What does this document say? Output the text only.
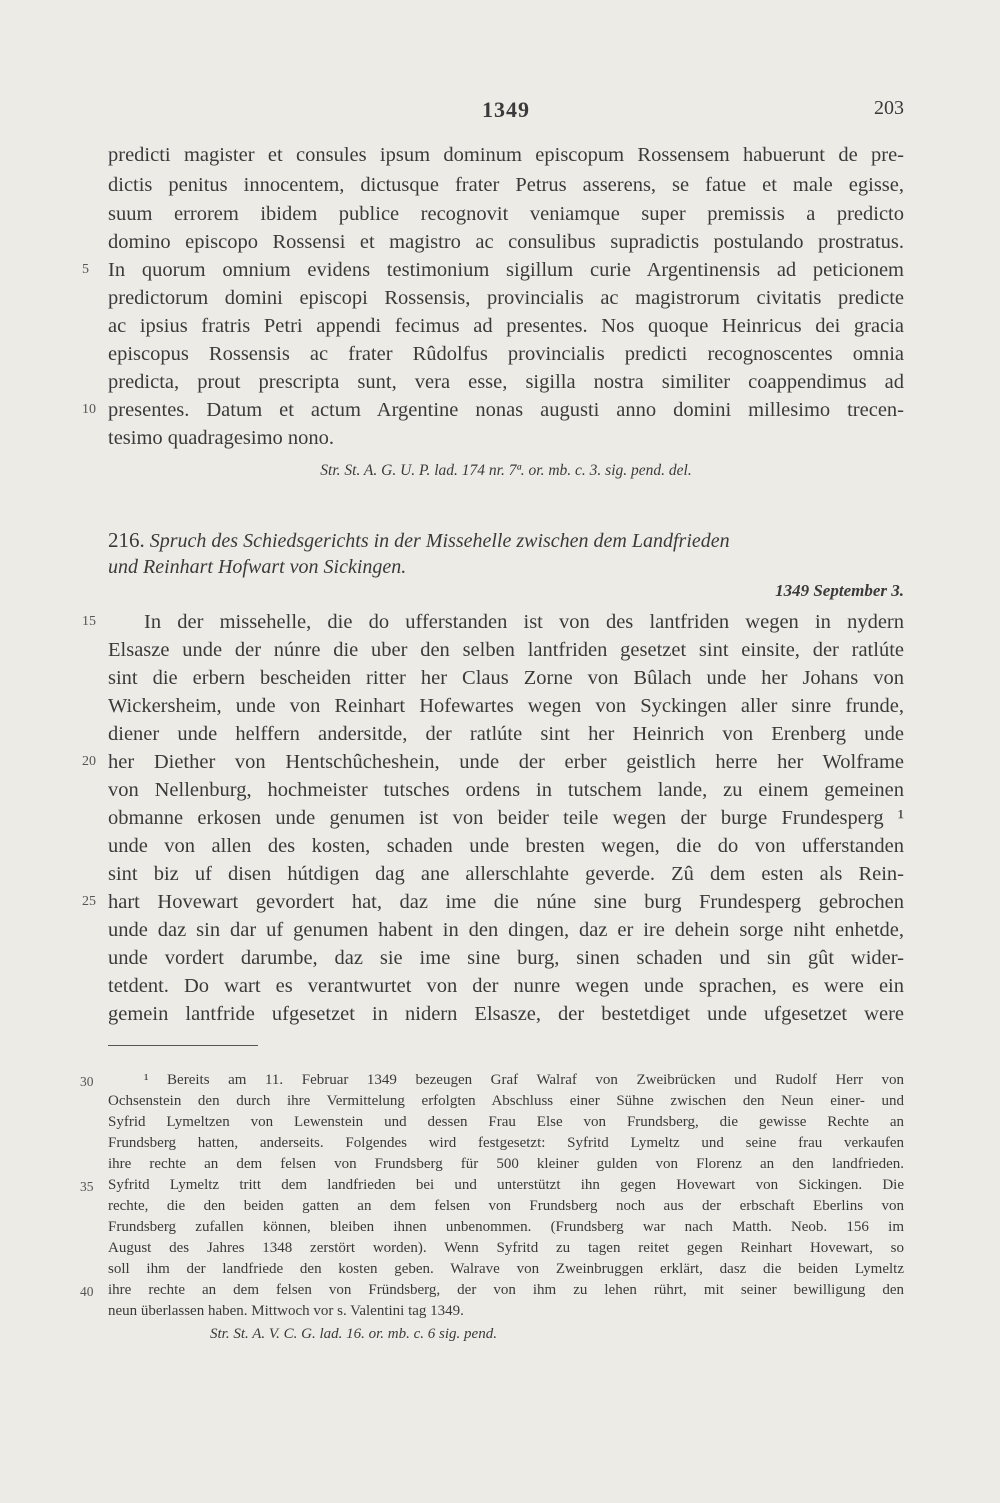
1349	203
predicti magister et consules ipsum dominum episcopum Rossensem habuerunt de pre-
dictis penitus innocentem, dictusque frater Petrus asserens, se fatue et male egisse,
suum errorem ibidem publice recognovit veniamque super premissis a predicto
domino episcopo Rossensi et magistro ac consulibus supradictis postulando prostratus.
In quorum omnium evidens testimonium sigillum curie Argentinensis ad peticionem
predictorum domini episcopi Rossensis, provincialis ac magistrorum civitatis predicte
ac ipsius fratris Petri appendi fecimus ad presentes. Nos quoque Heinricus dei gracia
episcopus Rossensis ac frater Rûdolfus provincialis predicti recognoscentes omnia
predicta, prout prescripta sunt, vera esse, sigilla nostra similiter coappendimus ad
presentes. Datum et actum Argentine nonas augusti anno domini millesimo trecen-
tesimo quadragesimo nono.
5
10
Str. St. A. G. U. P. lad. 174 nr. 7ª. or. mb. c. 3. sig. pend. del.
216. Spruch des Schiedsgerichts in der Missehelle zwischen dem Landfrieden
und Reinhart Hofwart von Sickingen.
1349 September 3.
In der missehelle, die do ufferstanden ist von des lantfriden wegen in nydern
Elsasze unde der núnre die uber den selben lantfriden gesetzet sint einsite, der ratlúte
sint die erbern bescheiden ritter her Claus Zorne von Bûlach unde her Johans von
Wickersheim, unde von Reinhart Hofewartes wegen von Syckingen aller sinre frunde,
diener unde helffern andersitde, der ratlúte sint her Heinrich von Erenberg unde
her Diether von Hentschûcheshein, unde der erber geistlich herre her Wolframe
von Nellenburg, hochmeister tutsches ordens in tutschem lande, zu einem gemeinen
obmanne erkosen unde genumen ist von beider teile wegen der burge Frundesperg ¹
unde von allen des kosten, schaden unde bresten wegen, die do von ufferstanden
sint biz uf disen hútdigen dag ane allerschlahte geverde. Zû dem esten als Rein-
hart Hovewart gevordert hat, daz ime die núne sine burg Frundesperg gebrochen
unde daz sin dar uf genumen habent in den dingen, daz er ire dehein sorge niht enhetde,
unde vordert darumbe, daz sie ime sine burg, sinen schaden und sin gût wider-
tetdent. Do wart es verantwurtet von der nunre wegen unde sprachen, es were ein
gemein lantfride ufgesetzet in nidern Elsasze, der bestetdiget unde ufgesetzet were
15
20
25
¹ Bereits am 11. Februar 1349 bezeugen Graf Walraf von Zweibrücken und Rudolf Herr von
Ochsenstein den durch ihre Vermittelung erfolgten Abschluss einer Sühne zwischen den Neun einer- und
Syfrid Lymeltzen von Lewenstein und dessen Frau Else von Frundsberg, die gewisse Rechte an
Frundsberg hatten, anderseits. Folgendes wird festgesetzt: Syfritd Lymeltz und seine frau verkaufen
ihre rechte an dem felsen von Frundsberg für 500 kleiner gulden von Florenz an den landfrieden.
Syfritd Lymeltz tritt dem landfrieden bei und unterstützt ihn gegen Hovewart von Sickingen. Die
rechte, die den beiden gatten an dem felsen von Frundsberg noch aus der erbschaft Eberlins von
Frundsberg zufallen können, bleiben ihnen unbenommen. (Frundsberg war nach Matth. Neob. 156 im
August des Jahres 1348 zerstört worden). Wenn Syfritd zu tagen reitet gegen Reinhart Hovewart, so
soll ihm der landfriede den kosten geben. Walrave von Zweinbruggen erklärt, dasz die beiden Lymeltz
ihre rechte an dem felsen von Fründsberg, der von ihm zu lehen rührt, mit seiner bewilligung den
neun überlassen haben. Mittwoch vor s. Valentini tag 1349.
30
35
40
Str. St. A. V. C. G. lad. 16. or. mb. c. 6 sig. pend.
